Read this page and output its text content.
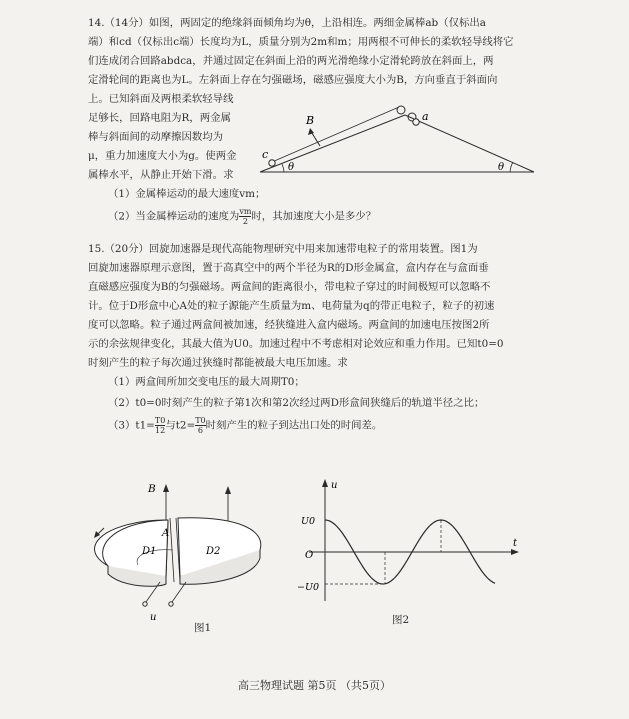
14.（14分）如图，两固定的绝缘斜面倾角均为θ，上沿相连。两细金属棒ab（仅标出a
端）和cd（仅标出c端）长度均为L，质量分别为2m和m；用两根不可伸长的柔软轻导线将它
们连成闭合回路abdca，并通过固定在斜面上沿的两光滑绝缘小定滑轮跨放在斜面上，两
定滑轮间的距离也为L。左斜面上存在匀强磁场，磁感应强度大小为B，方向垂直于斜面向
上。已知斜面及两根柔软轻导线
足够长，回路电阻为R，两金属
棒与斜面间的动摩擦因数均为
μ，重力加速度大小为g。使两金
属棒水平，从静止开始下滑。求
B	a
c
θ	θ
（1）金属棒运动的最大速度vm；
（2）当金属棒运动的速度为 $\frac{vm}{2}$ 时，其加速度大小是多少？
15.（20分）回旋加速器是现代高能物理研究中用来加速带电粒子的常用装置。图1为
回旋加速器原理示意图，置于高真空中的两个半径为R的D形金属盒，盒内存在与盒面垂
直磁感应强度为B的匀强磁场。两盒间的距离很小，带电粒子穿过的时间极短可以忽略不
计。位于D形盒中心A处的粒子源能产生质量为m、电荷量为q的带正电粒子，粒子的初速
度可以忽略。粒子通过两盒间被加速，经狭缝进入盒内磁场。两盒间的加速电压按图2所
示的余弦规律变化，其最大值为U0。加速过程中不考虑相对论效应和重力作用。已知t0=0
时刻产生的粒子每次通过狭缝时都能被最大电压加速。求
（1）两盒间所加交变电压的最大周期T0；
（2）t0=0时刻产生的粒子第1次和第2次经过两D形盒间狭缝后的轨道半径之比；
$(3)t1= \frac{T0}{12}$ 与$t2= \frac{T0}{6}$ 时刻产生的粒子到达出口处的时间差。
B
A
D1	D2
u
图1
u
t
O
U0
−U0
图2
高三物理试题 第5页 （共5页）
